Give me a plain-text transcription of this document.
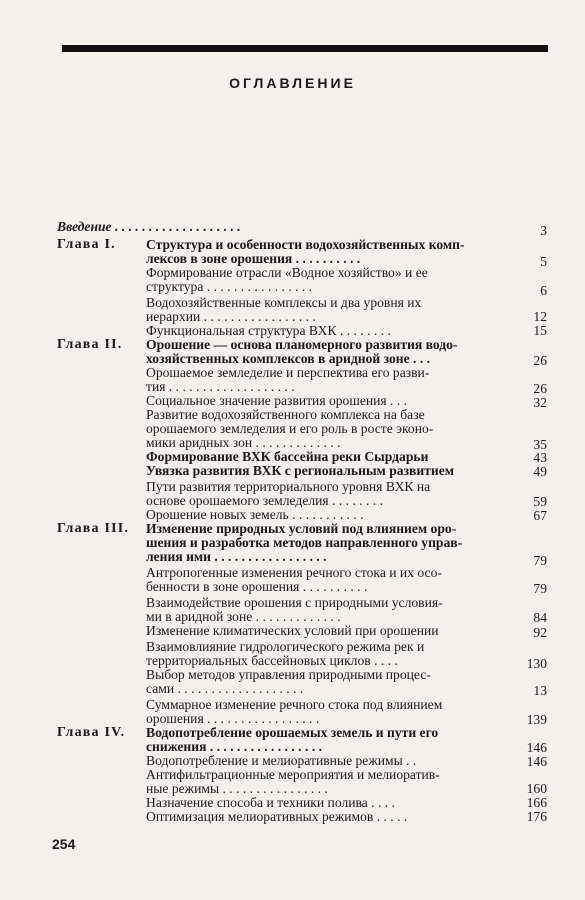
ОГЛАВЛЕНИЕ
Введение . . . . . . . . . . . . . . . . . . .	3
Глава I. Структура и особенности водохозяйственных комп-
лексов в зоне орошения . . . . . . . . . .	5
Формирование отрасли «Водное хозяйство» и ее
структура . . . . . . . . . . . . . . . .	6
Водохозяйственные комплексы и два уровня их
иерархии . . . . . . . . . . . . . . . . .	12
Функциональная структура ВХК . . . . . . . .	15
Глава II. Орошение — основа планомерного развития водо-
хозяйственных комплексов в аридной зоне . . .	26
Орошаемое земледелие и перспектива его разви-
тия . . . . . . . . . . . . . . . . . . .	26
Социальное значение развития орошения . . .	32
Развитие водохозяйственного комплекса на базе
орошаемого земледелия и его роль в росте эконо-
мики аридных зон . . . . . . . . . . . . .	35
Формирование ВХК бассейна реки Сырдарьи	43
Увязка развития ВХК с региональным развитием	49
Пути развития территориального уровня ВХК на
основе орошаемого земледелия . . . . . . . .	59
Орошение новых земель . . . . . . . . . . .	67
Глава III. Изменение природных условий под влиянием оро-
шения и разработка методов направленного управ-
ления ими . . . . . . . . . . . . . . . . .	79
Антропогенные изменения речного стока и их осо-
бенности в зоне орошения . . . . . . . . . .	79
Взаимодействие орошения с природными условия-
ми в аридной зоне . . . . . . . . . . . . .	84
Изменение климатических условий при орошении	92
Взаимовлияние гидрологического режима рек и
территориальных бассейновых циклов . . . .	130
Выбор методов управления природными процес-
сами . . . . . . . . . . . . . . . . . . .	13
Суммарное изменение речного стока под влиянием
орошения . . . . . . . . . . . . . . . . .	139
Глава IV. Водопотребление орошаемых земель и пути его
снижения . . . . . . . . . . . . . . . . .	146
Водопотребление и мелиоративные режимы . .	146
Антифильтрационные мероприятия и мелиоратив-
ные режимы . . . . . . . . . . . . . . . .	160
Назначение способа и техники полива . . . .	166
Оптимизация мелиоративных режимов . . . . .	176
254
